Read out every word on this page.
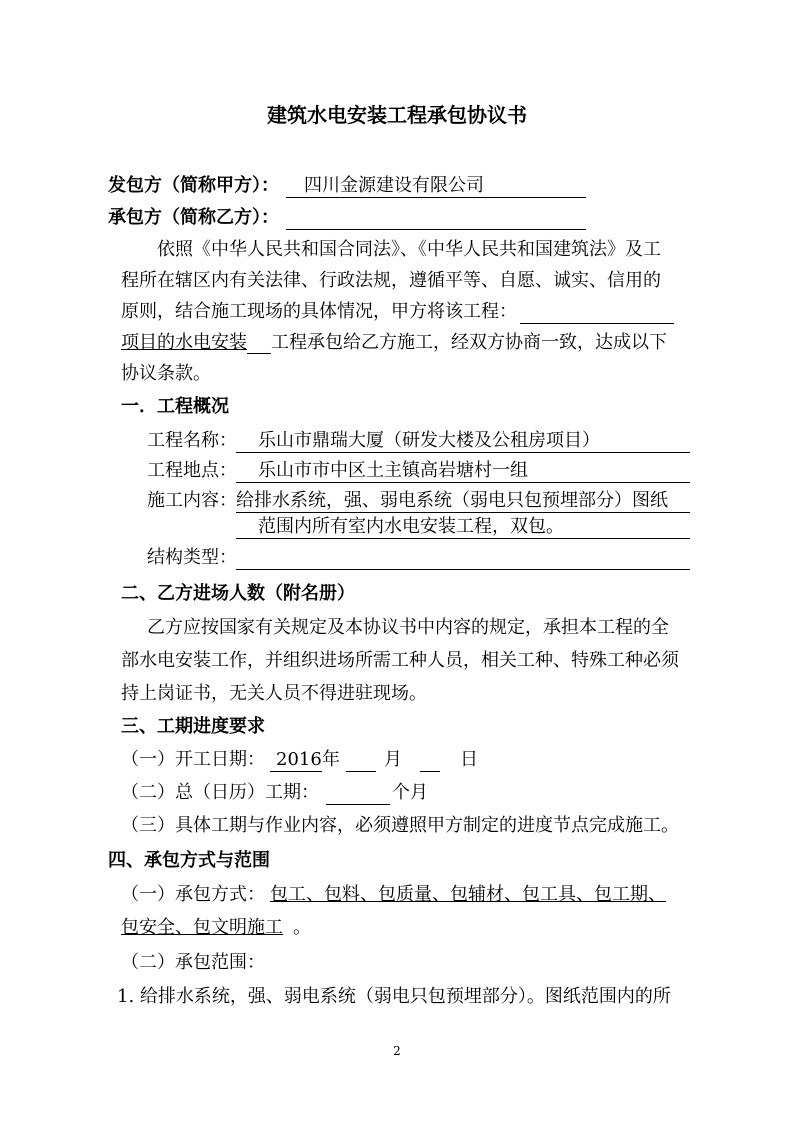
建筑水电安装工程承包协议书
发包方（简称甲方）： 四川金源建设有限公司
承包方（简称乙方）：
依照《中华人民共和国合同法》、《中华人民共和国建筑法》及工
程所在辖区内有关法律、行政法规，遵循平等、自愿、诚实、信用的
原则，结合施工现场的具体情况，甲方将该工程：
项目的水电安装 工程承包给乙方施工，经双方协商一致，达成以下
协议条款。
一．工程概况
工程名称： 乐山市鼎瑞大厦（研发大楼及公租房项目）
工程地点： 乐山市市中区土主镇高岩塘村一组
施工内容： 给排水系统，强、弱电系统（弱电只包预埋部分）图纸
范围内所有室内水电安装工程，双包。
结构类型：
二、乙方进场人数（附名册）
乙方应按国家有关规定及本协议书中内容的规定，承担本工程的全
部水电安装工作，并组织进场所需工种人员，相关工种、特殊工种必须
持上岗证书，无关人员不得进驻现场。
三、工期进度要求
（一）开工日期： 2016 年 月	日
（二）总（日历）工期：	个月
（三）具体工期与作业内容，必须遵照甲方制定的进度节点完成施工。
四、承包方式与范围
（一）承包方式： 包工、包料、包质量、包辅材、包工具、包工期、
包安全、包文明施工 。
（二）承包范围：
1. 给排水系统，强、弱电系统（弱电只包预埋部分）。图纸范围内的所
2
